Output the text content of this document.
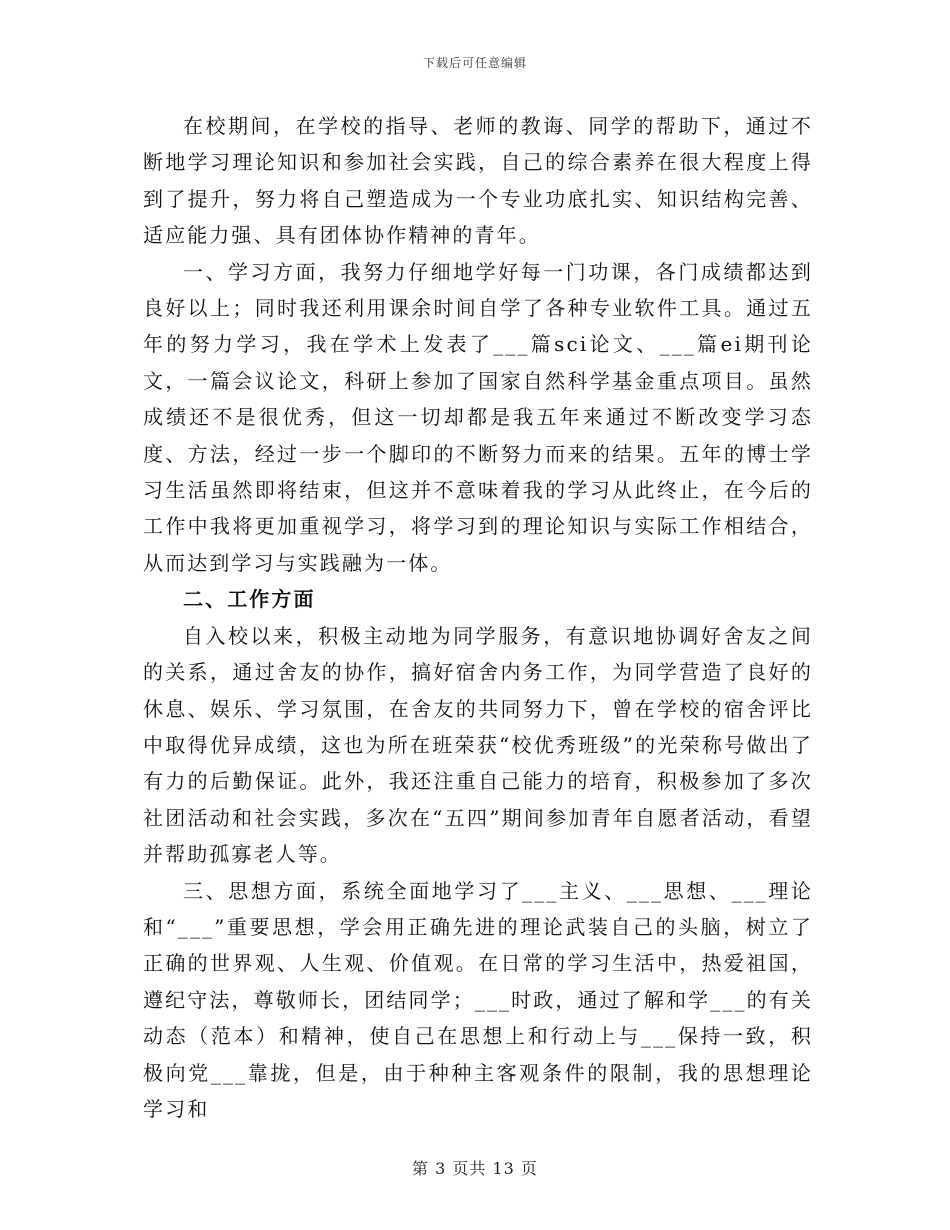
下载后可任意编辑

在校期间，在学校的指导、老师的教诲、同学的帮助下，通过不断地学习理论知识和参加社会实践，自己的综合素养在很大程度上得到了提升，努力将自己塑造成为一个专业功底扎实、知识结构完善、适应能力强、具有团体协作精神的青年。

一、学习方面，我努力仔细地学好每一门功课，各门成绩都达到良好以上；同时我还利用课余时间自学了各种专业软件工具。通过五年的努力学习，我在学术上发表了___篇sci论文、___篇ei期刊论文，一篇会议论文，科研上参加了国家自然科学基金重点项目。虽然成绩还不是很优秀，但这一切却都是我五年来通过不断改变学习态度、方法，经过一步一个脚印的不断努力而来的结果。五年的博士学习生活虽然即将结束，但这并不意味着我的学习从此终止，在今后的工作中我将更加重视学习，将学习到的理论知识与实际工作相结合，从而达到学习与实践融为一体。

二、工作方面

自入校以来，积极主动地为同学服务，有意识地协调好舍友之间的关系，通过舍友的协作，搞好宿舍内务工作，为同学营造了良好的休息、娱乐、学习氛围，在舍友的共同努力下，曾在学校的宿舍评比中取得优异成绩，这也为所在班荣获“校优秀班级”的光荣称号做出了有力的后勤保证。此外，我还注重自己能力的培育，积极参加了多次社团活动和社会实践，多次在“五四”期间参加青年自愿者活动，看望并帮助孤寡老人等。

三、思想方面，系统全面地学习了___主义、___思想、___理论和“___”重要思想，学会用正确先进的理论武装自己的头脑，树立了正确的世界观、人生观、价值观。在日常的学习生活中，热爱祖国，遵纪守法，尊敬师长，团结同学；___时政，通过了解和学___的有关动态（范本）和精神，使自己在思想上和行动上与___保持一致，积极向党___靠拢，但是，由于种种主客观条件的限制，我的思想理论学习和

第 3 页共 13 页
